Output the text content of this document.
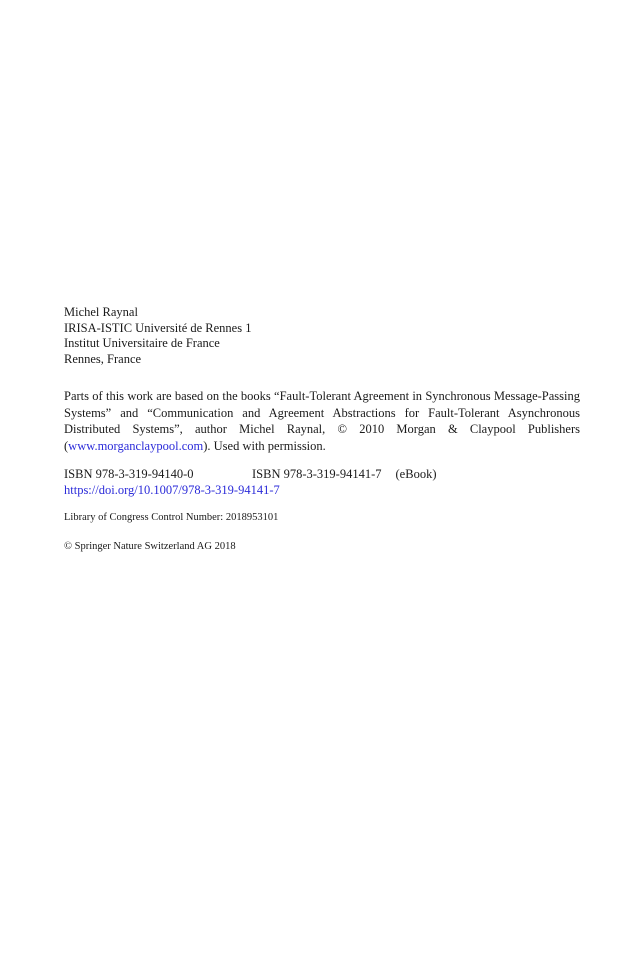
Michel Raynal
IRISA-ISTIC Université de Rennes 1
Institut Universitaire de France
Rennes, France

Parts of this work are based on the books “Fault-Tolerant Agreement in Synchronous Message-Passing Systems” and “Communication and Agreement Abstractions for Fault-Tolerant Asynchronous Distributed Systems”, author Michel Raynal, © 2010 Morgan & Claypool Publishers (www.morganclaypool.com). Used with permission.

ISBN 978-3-319-94140-0	ISBN 978-3-319-94141-7 (eBook)
https://doi.org/10.1007/978-3-319-94141-7
Library of Congress Control Number: 2018953101
© Springer Nature Switzerland AG 2018
